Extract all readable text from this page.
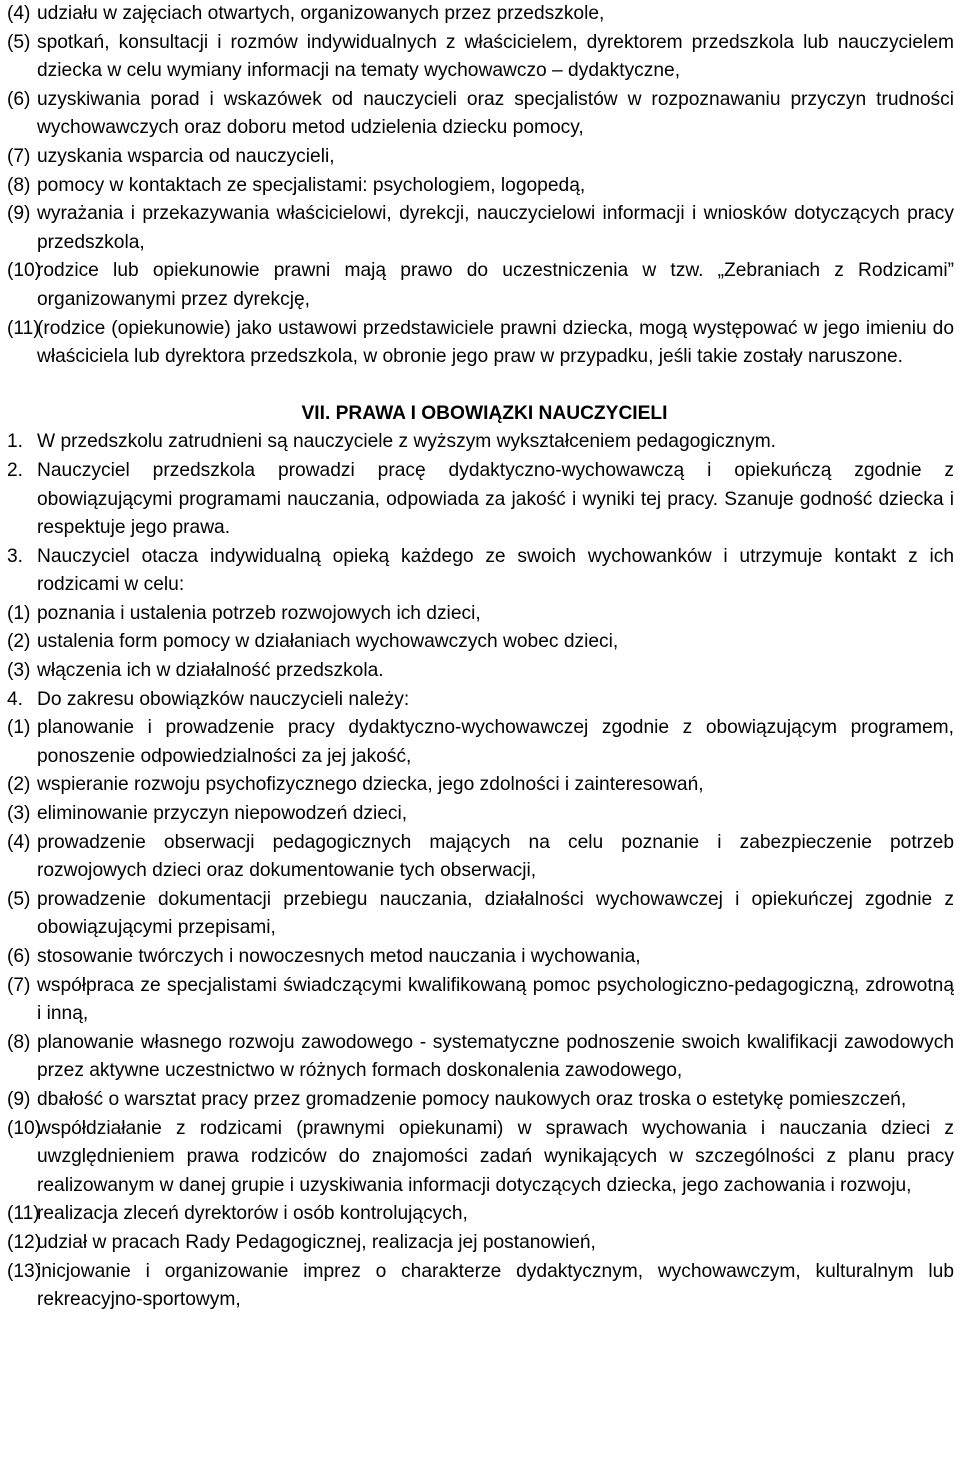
(4) udziału w zajęciach otwartych, organizowanych przez przedszkole,
(5) spotkań, konsultacji i rozmów indywidualnych z właścicielem, dyrektorem przedszkola lub nauczycielem dziecka w celu wymiany informacji na tematy wychowawczo – dydaktyczne,
(6) uzyskiwania porad i wskazówek od nauczycieli oraz specjalistów w rozpoznawaniu przyczyn trudności wychowawczych oraz doboru metod udzielenia dziecku pomocy,
(7) uzyskania wsparcia od nauczycieli,
(8) pomocy w kontaktach ze specjalistami: psychologiem, logopedą,
(9) wyrażania i przekazywania właścicielowi, dyrekcji, nauczycielowi informacji i wniosków dotyczących pracy przedszkola,
(10)
rodzice lub opiekunowie prawni mają prawo do uczestniczenia w tzw. „Zebraniach z Rodzicami” organizowanymi przez dyrekcję,
(11)
(rodzice (opiekunowie) jako ustawowi przedstawiciele prawni dziecka, mogą występować w jego imieniu do właściciela lub dyrektora przedszkola, w obronie jego praw w przypadku, jeśli takie zostały naruszone.
VII. PRAWA I OBOWIĄZKI NAUCZYCIELI
1. W przedszkolu zatrudnieni są nauczyciele z wyższym wykształceniem pedagogicznym.
2. Nauczyciel przedszkola prowadzi pracę dydaktyczno-wychowawczą i opiekuńczą zgodnie z obowiązującymi programami nauczania, odpowiada za jakość i wyniki tej pracy. Szanuje godność dziecka i respektuje jego prawa.
3. Nauczyciel otacza indywidualną opieką każdego ze swoich wychowanków i utrzymuje kontakt z ich rodzicami w celu:
(1) poznania i ustalenia potrzeb rozwojowych ich dzieci,
(2) ustalenia form pomocy w działaniach wychowawczych wobec dzieci,
(3) włączenia ich w działalność przedszkola.
4. Do zakresu obowiązków nauczycieli należy:
(1) planowanie i prowadzenie pracy dydaktyczno-wychowawczej zgodnie z obowiązującym programem, ponoszenie odpowiedzialności za jej jakość,
(2) wspieranie rozwoju psychofizycznego dziecka, jego zdolności i zainteresowań,
(3) eliminowanie przyczyn niepowodzeń dzieci,
(4) prowadzenie obserwacji pedagogicznych mających na celu poznanie i zabezpieczenie potrzeb rozwojowych dzieci oraz dokumentowanie tych obserwacji,
(5) prowadzenie dokumentacji przebiegu nauczania, działalności wychowawczej i opiekuńczej zgodnie z obowiązującymi przepisami,
(6) stosowanie twórczych i nowoczesnych metod nauczania i wychowania,
(7) współpraca ze specjalistami świadczącymi kwalifikowaną pomoc psychologiczno-pedagogiczną, zdrowotną i inną,
(8) planowanie własnego rozwoju zawodowego - systematyczne podnoszenie swoich kwalifikacji zawodowych przez aktywne uczestnictwo w różnych formach doskonalenia zawodowego,
(9) dbałość o warsztat pracy przez gromadzenie pomocy naukowych oraz troska o estetykę pomieszczeń,
(10)
współdziałanie z rodzicami (prawnymi opiekunami) w sprawach wychowania i nauczania dzieci z uwzględnieniem prawa rodziców do znajomości zadań wynikających w szczególności z planu pracy realizowanym w danej grupie i uzyskiwania informacji dotyczących dziecka, jego zachowania i rozwoju,
(11)
realizacja zleceń dyrektorów i osób kontrolujących,
(12)
udział w pracach Rady Pedagogicznej, realizacja jej postanowień,
(13)
inicjowanie i organizowanie imprez o charakterze dydaktycznym, wychowawczym, kulturalnym lub rekreacyjno-sportowym,
